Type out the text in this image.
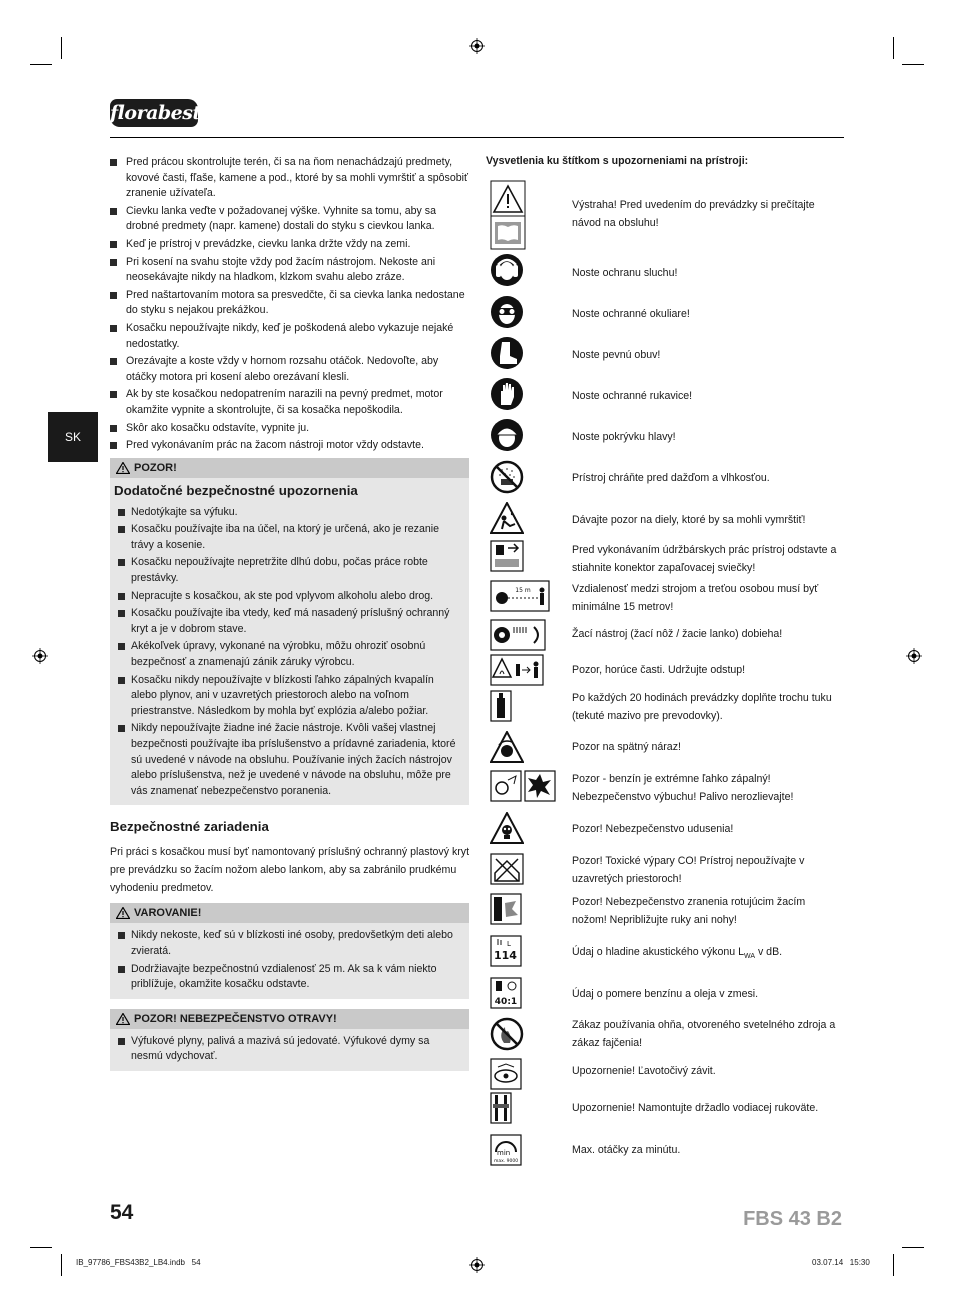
florabest
SK
Pred prácou skontrolujte terén, či sa na ňom nenachádzajú predmety, kovové časti, fľaše, kamene a pod., ktoré by sa mohli vymrštiť a spôsobiť zranenie užívateľa.
Cievku lanka veďte v požadovanej výške. Vyhnite sa tomu, aby sa drobné predmety (napr. kamene) dostali do styku s cievkou lanka.
Keď je prístroj v prevádzke, cievku lanka držte vždy na zemi.
Pri kosení na svahu stojte vždy pod žacím nástrojom. Nekoste ani neosekávajte nikdy na hladkom, klzkom svahu alebo zráze.
Pred naštartovaním motora sa presvedčte, či sa cievka lanka nedostane do styku s nejakou prekážkou.
Kosačku nepoužívajte nikdy, keď je poškodená alebo vykazuje nejaké nedostatky.
Orezávajte a koste vždy v hornom rozsahu otáčok. Nedovoľte, aby otáčky motora pri kosení alebo orezávaní klesli.
Ak by ste kosačkou nedopatrením narazili na pevný predmet, motor okamžite vypnite a skontrolujte, či sa kosačka nepoškodila.
Skôr ako kosačku odstavíte, vypnite ju.
Pred vykonávaním prác na žacom nástroji motor vždy odstavte.
POZOR!
Dodatočné bezpečnostné upozornenia
Nedotýkajte sa výfuku.
Kosačku používajte iba na účel, na ktorý je určená, ako je rezanie trávy a kosenie.
Kosačku nepoužívajte nepretržite dlhú dobu, počas práce robte prestávky.
Nepracujte s kosačkou, ak ste pod vplyvom alkoholu alebo drog.
Kosačku používajte iba vtedy, keď má nasadený príslušný ochranný kryt a je v dobrom stave.
Akékoľvek úpravy, vykonané na výrobku, môžu ohroziť osobnú bezpečnosť a znamenajú zánik záruky výrobcu.
Kosačku nikdy nepoužívajte v blízkosti ľahko zápalných kvapalín alebo plynov, ani v uzavretých priestoroch alebo na voľnom priestranstve. Následkom by mohla byť explózia a/alebo požiar.
Nikdy nepoužívajte žiadne iné žacie nástroje. Kvôli vašej vlastnej bezpečnosti používajte iba príslušenstvo a prídavné zariadenia, ktoré sú uvedené v návode na obsluhu. Používanie iných žacích nástrojov alebo príslušenstva, než je uvedené v návode na obsluhu, môže pre vás znamenať nebezpečenstvo poranenia.
Bezpečnostné zariadenia
Pri práci s kosačkou musí byť namontovaný príslušný ochranný plastový kryt pre prevádzku so žacím nožom alebo lankom, aby sa zabránilo prudkému vyhodeniu predmetov.
VAROVANIE!
Nikdy nekoste, keď sú v blízkosti iné osoby, predovšetkým deti alebo zvieratá.
Dodržiavajte bezpečnostnú vzdialenosť 25 m. Ak sa k vám niekto priblížuje, okamžite kosačku odstavte.
POZOR! NEBEZPEČENSTVO OTRAVY!
Výfukové plyny, palivá a mazivá sú jedovaté. Výfukové dymy sa nesmú vdychovať.
Vysvetlenia ku štítkom s upozorneniami na prístroji:
Výstraha! Pred uvedením do prevádzky si prečítajte návod na obsluhu!
Noste ochranu sluchu!
Noste ochranné okuliare!
Noste pevnú obuv!
Noste ochranné rukavice!
Noste pokrývku hlavy!
Prístroj chráňte pred dažďom a vlhkosťou.
Dávajte pozor na diely, ktoré by sa mohli vymrštiť!
Pred vykonávaním údržbárskych prác prístroj odstavte a stiahnite konektor zapaľovacej sviečky!
15 m	Vzdialenosť medzi strojom a treťou osobou musí byť minimálne 15 metrov!
Žací nástroj (žací nôž / žacie lanko) dobieha!
Pozor, horúce časti. Udržujte odstup!
Po každých 20 hodinách prevádzky doplňte trochu tuku (tekuté mazivo pre prevodovky).
Pozor na spätný náraz!
Pozor - benzín je extrémne ľahko zápalný! Nebezpečenstvo výbuchu! Palivo nerozlievajte!
Pozor! Nebezpečenstvo udusenia!
Pozor! Toxické výpary CO! Prístroj nepoužívajte v uzavretých priestoroch!
Pozor! Nebezpečenstvo zranenia rotujúcim žacím nožom! Nepribližujte ruky ani nohy!
114
L
Údaj o hladine akustického výkonu $L_{WA}$ v dB.
40:1
Údaj o pomere benzínu a oleja v zmesi.
Zákaz používania ohňa, otvoreného svetelného zdroja a zákaz fajčenia!
Upozornenie! Ľavotočivý závit.
Upozornenie! Namontujte držadlo vodiacej rukoväte.
min
max. 9000
Max. otáčky za minútu.
54	FBS 43 B2
IB_97786_FBS43B2_LB4.indb   54	03.07.14   15:30
